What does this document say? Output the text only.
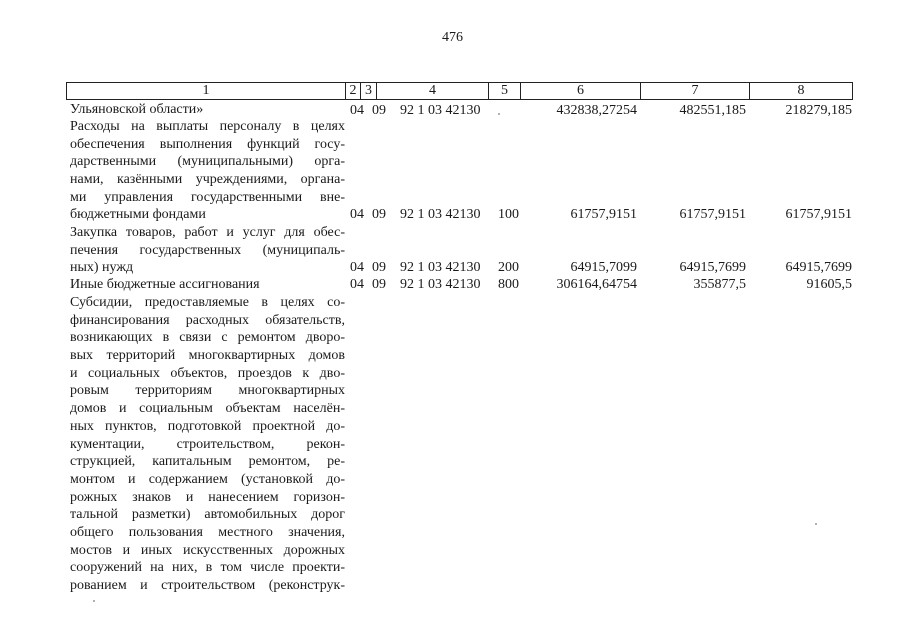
476
1	2 3	4	5	6	7	8
Ульяновской области»	04 09 92 1 03 42130	432838,27254	482551,185	218279,185
Расходы на выплаты персоналу в целях
обеспечения выполнения функций госу-
дарственными (муниципальными) орга-
нами, казёнными учреждениями, органа-
ми управления государственными вне-
бюджетными фондами	04 09 92 1 03 42130 100	61757,9151	61757,9151	61757,9151
Закупка товаров, работ и услуг для обес-
печения государственных (муниципаль-
ных) нужд	04 09 92 1 03 42130 200	64915,7099	64915,7699	64915,7699
Иные бюджетные ассигнования	04 09 92 1 03 42130 800	306164,64754	355877,5	91605,5
Субсидии, предоставляемые в целях со-
финансирования расходных обязательств,
возникающих в связи с ремонтом дворо-
вых территорий многоквартирных домов
и социальных объектов, проездов к дво-
ровым территориям многоквартирных
домов и социальным объектам населён-
ных пунктов, подготовкой проектной до-
кументации, строительством, рекон-
струкцией, капитальным ремонтом, ре-
монтом и содержанием (установкой до-
рожных знаков и нанесением горизон-
тальной разметки) автомобильных дорог
общего пользования местного значения,
мостов и иных искусственных дорожных
сооружений на них, в том числе проекти-
рованием и строительством (реконструк-
